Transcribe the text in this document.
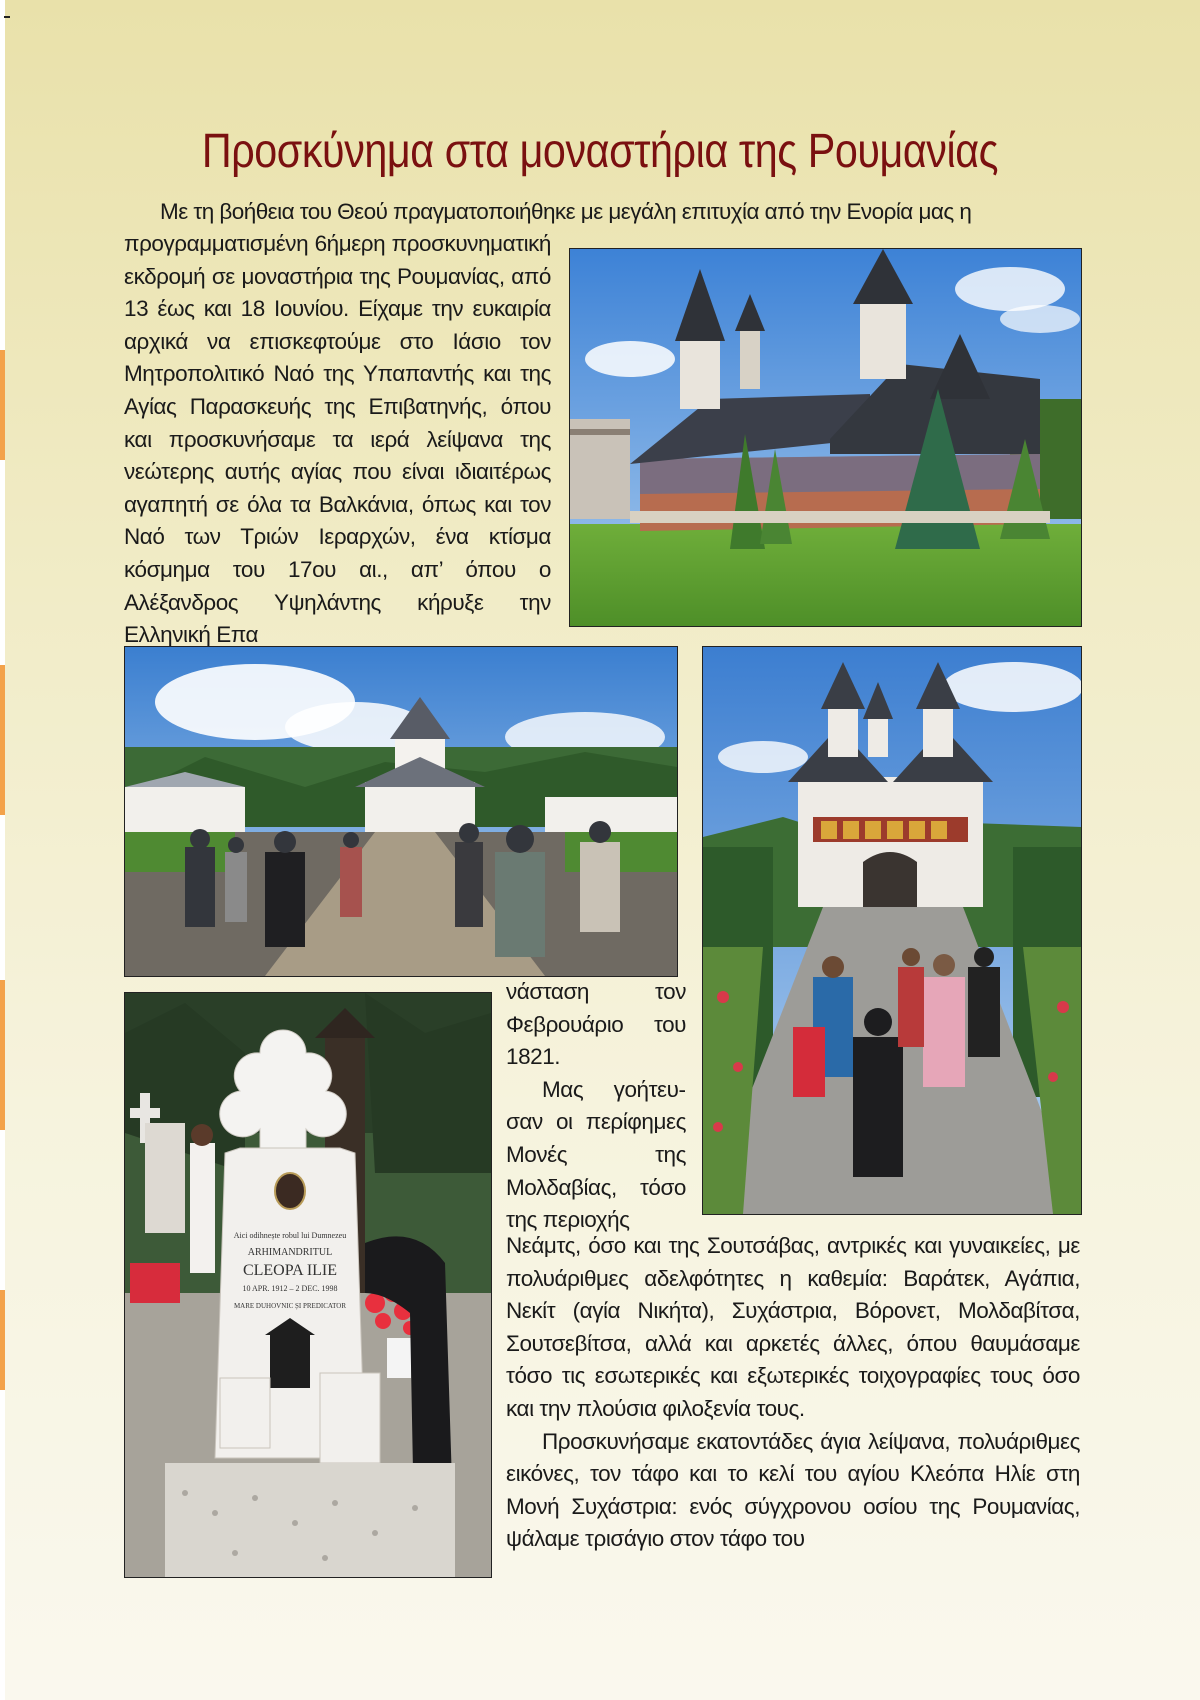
Προσκύνημα στα μοναστήρια της Ρουμανίας

Με τη βοήθεια του Θεού πραγματοποιήθηκε με μεγάλη επιτυχία από την Ενορία μας η

προγραμματισμένη 6ήμερη προσκυνηματική εκδρομή σε μοναστήρια της Ρουμανίας, από 13 έως και 18 Ιουνίου. Είχαμε την ευκαιρία αρχικά να επισκεφτούμε στο Ιάσιο τον Μητροπολιτικό Ναό της Υπαπαντής και της Αγίας Παρασκευής της Επιβατηνής, όπου και προσκυνήσαμε τα ιερά λείψανα της νεώτερης αυτής αγίας που είναι ιδιαιτέρως αγαπητή σε όλα τα Βαλκάνια, όπως και τον Ναό των Τριών Ιεραρχών, ένα κτίσμα κόσμημα του 17ου αι., απ’ όπου ο Αλέξανδρος Υψηλάντης κήρυξε την Ελληνική Επα

Aici odihnește robul lui Dumnezeu
ARHIMANDRITUL
CLEOPA ILIE
10 APR. 1912 – 2 DEC. 1998
MARE DUHOVNIC ȘI PREDICATOR

νάσταση τον Φεβρουάριο του 1821.

Μας γοήτευσαν οι περίφημες Μονές της Μολδαβίας, τόσο της περιοχής

Νεάμτς, όσο και της Σουτσάβας, αντρικές και γυναικείες, με πολυάριθμες αδελφότητες η καθεμία: Βαράτεκ, Αγάπια, Νεκίτ (αγία Νικήτα), Συχάστρια, Βόρονετ, Μολδαβίτσα, Σουτσεβίτσα, αλλά και αρκετές άλλες, όπου θαυμάσαμε τόσο τις εσωτερικές και εξωτερικές τοιχογραφίες τους όσο και την πλούσια φιλοξενία τους.

Προσκυνήσαμε εκατοντάδες άγια λείψανα, πολυάριθμες εικόνες, τον τάφο και το κελί του αγίου Κλεόπα Ηλίε στη Μονή Συχάστρια: ενός σύγχρονου οσίου της Ρουμανίας, ψάλαμε τρισάγιο στον τάφο του
